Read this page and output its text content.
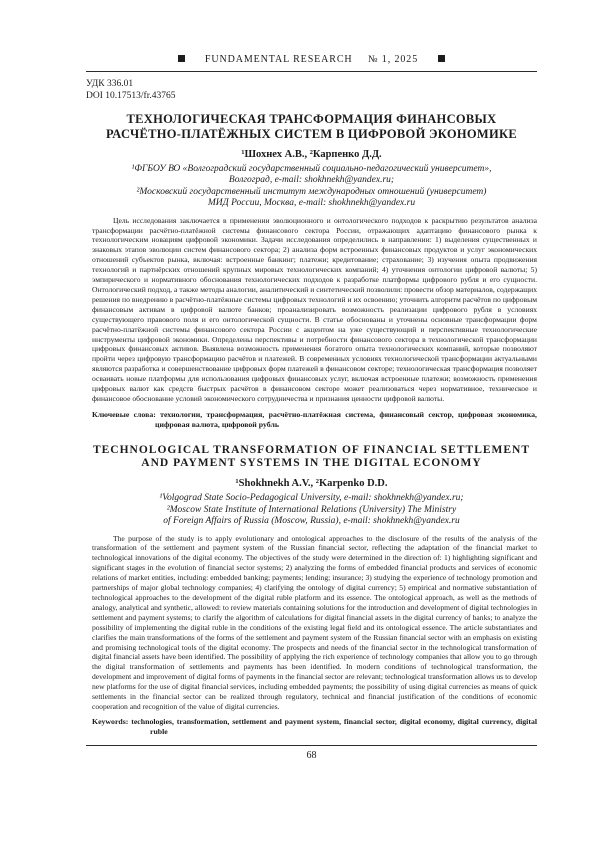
FUNDAMENTAL RESEARCH № 1, 2025
УДК 336.01
DOI 10.17513/fr.43765
ТЕХНОЛОГИЧЕСКАЯ ТРАНСФОРМАЦИЯ ФИНАНСОВЫХ
РАСЧЁТНО-ПЛАТЁЖНЫХ СИСТЕМ В ЦИФРОВОЙ ЭКОНОМИКЕ
¹Шохнех А.В., ²Карпенко Д.Д.
¹ФГБОУ ВО «Волгоградский государственный социально-педагогический университет»,
Волгоград, e-mail: shokhnekh@yandex.ru;
²Московский государственный институт международных отношений (университет)
МИД России, Москва, e-mail: shokhnekh@yandex.ru

Цель исследования заключается в применении эволюционного и онтологического подходов к раскрытию результатов анализа трансформации расчётно-платёжной системы финансового сектора России, отражающих адаптацию финансового рынка к технологическим новациям цифровой экономики. Задачи исследования определились в направлении: 1) выделения существенных и знаковых этапов эволюции систем финансового сектора; 2) анализа форм встроенных финансовых продуктов и услуг экономических отношений субъектов рынка, включая: встроенные банкинг; платежи; кредитование; страхование; 3) изучения опыта продвижения технологий и партнёрских отношений крупных мировых технологических компаний; 4) уточнения онтологии цифровой валюты; 5) эмпирического и нормативного обоснования технологических подходов к разработке платформы цифрового рубля и его сущности. Онтологический подход, а также методы аналогии, аналитический и синтетический позволили: провести обзор материалов, содержащих решения по внедрению в расчётно-платёжные системы цифровых технологий и их освоению; уточнить алгоритм расчётов по цифровым финансовым активам в цифровой валюте банков; проанализировать возможность реализации цифрового рубля в условиях существующего правового поля и его онтологической сущности. В статье обоснованы и уточнены основные трансформации форм расчётно-платёжной системы финансового сектора России с акцентом на уже существующий и перспективные технологические инструменты цифровой экономики. Определены перспективы и потребности финансового сектора в технологической трансформации цифровых финансовых активов. Выявлена возможность применения богатого опыта технологических компаний, которые позволяют пройти через цифровую трансформацию расчётов и платежей. В современных условиях технологической трансформации актуальными являются разработка и совершенствование цифровых форм платежей в финансовом секторе; технологическая трансформация позволяет осваивать новые платформы для использования цифровых финансовых услуг, включая встроенные платежи; возможность применения цифровых валют как средств быстрых расчётов в финансовом секторе может реализоваться через нормативное, техническое и финансовое обоснование условий экономического сотрудничества и признания ценности цифровой валюты.

Ключевые слова: технологии, трансформация, расчётно-платёжная система, финансовый сектор, цифровая экономика, цифровая валюта, цифровой рубль

TECHNOLOGICAL TRANSFORMATION OF FINANCIAL SETTLEMENT
AND PAYMENT SYSTEMS IN THE DIGITAL ECONOMY
¹Shokhnekh A.V., ²Karpenko D.D.
¹Volgograd State Socio-Pedagogical University, e-mail: shokhnekh@yandex.ru;
²Moscow State Institute of International Relations (University) The Ministry
of Foreign Affairs of Russia (Moscow, Russia), e-mail: shokhnekh@yandex.ru

The purpose of the study is to apply evolutionary and ontological approaches to the disclosure of the results of the analysis of the transformation of the settlement and payment system of the Russian financial sector, reflecting the adaptation of the financial market to technological innovations of the digital economy. The objectives of the study were determined in the direction of: 1) highlighting significant and significant stages in the evolution of financial sector systems; 2) analyzing the forms of embedded financial products and services of economic relations of market entities, including: embedded banking; payments; lending; insurance; 3) studying the experience of technology promotion and partnerships of major global technology companies; 4) clarifying the ontology of digital currency; 5) empirical and normative substantiation of technological approaches to the development of the digital ruble platform and its essence. The ontological approach, as well as the methods of analogy, analytical and synthetic, allowed: to review materials containing solutions for the introduction and development of digital technologies in settlement and payment systems; to clarify the algorithm of calculations for digital financial assets in the digital currency of banks; to analyze the possibility of implementing the digital ruble in the conditions of the existing legal field and its ontological essence. The article substantiates and clarifies the main transformations of the forms of the settlement and payment system of the Russian financial sector with an emphasis on existing and promising technological tools of the digital economy. The prospects and needs of the financial sector in the technological transformation of digital financial assets have been identified. The possibility of applying the rich experience of technology companies that allow you to go through the digital transformation of settlements and payments has been identified. In modern conditions of technological transformation, the development and improvement of digital forms of payments in the financial sector are relevant; technological transformation allows us to develop new platforms for the use of digital financial services, including embedded payments; the possibility of using digital currencies as means of quick settlements in the financial sector can be realized through regulatory, technical and financial justification of the conditions of economic cooperation and recognition of the value of digital currencies.

Keywords: technologies, transformation, settlement and payment system, financial sector, digital economy, digital currency, digital ruble

68
